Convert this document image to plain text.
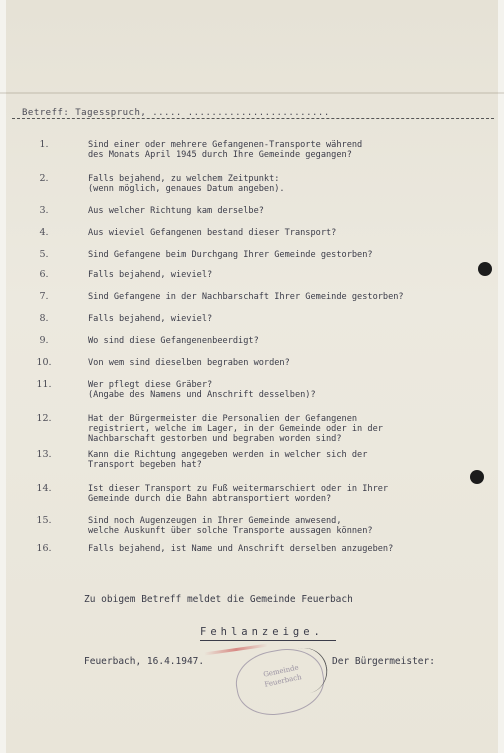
Betreff: Tagesspruch, ..... ........................
1.	Sind einer oder mehrere Gefangenen-Transporte während
des Monats April 1945 durch Ihre Gemeinde gegangen?
2.	Falls bejahend, zu welchem Zeitpunkt:
(wenn möglich, genaues Datum angeben).
3.	Aus welcher Richtung kam derselbe?
4.	Aus wieviel Gefangenen bestand dieser Transport?
5.	Sind Gefangene beim Durchgang Ihrer Gemeinde gestorben?
6.	Falls bejahend, wieviel?
7.	Sind Gefangene in der Nachbarschaft Ihrer Gemeinde gestorben?
8.	Falls bejahend, wieviel?
9.	Wo sind diese Gefangenenbeerdigt?
10.	Von wem sind dieselben begraben worden?
11.	Wer pflegt diese Gräber?
(Angabe des Namens und Anschrift desselben)?
12.	Hat der Bürgermeister die Personalien der Gefangenen
registriert, welche im Lager, in der Gemeinde oder in der
Nachbarschaft gestorben und begraben worden sind?
13.	Kann die Richtung angegeben werden in welcher sich der
Transport begeben hat?
14.	Ist dieser Transport zu Fuß weitermarschiert oder in Ihrer
Gemeinde durch die Bahn abtransportiert worden?
15.	Sind noch Augenzeugen in Ihrer Gemeinde anwesend,
welche Auskunft über solche Transporte aussagen können?
16.	Falls bejahend, ist Name und Anschrift derselben anzugeben?
Zu obigem Betreff meldet die Gemeinde Feuerbach
Fehlanzeige.
Feuerbach, 16.4.1947.	Der Bürgermeister:
Gemeinde Feuerbach
